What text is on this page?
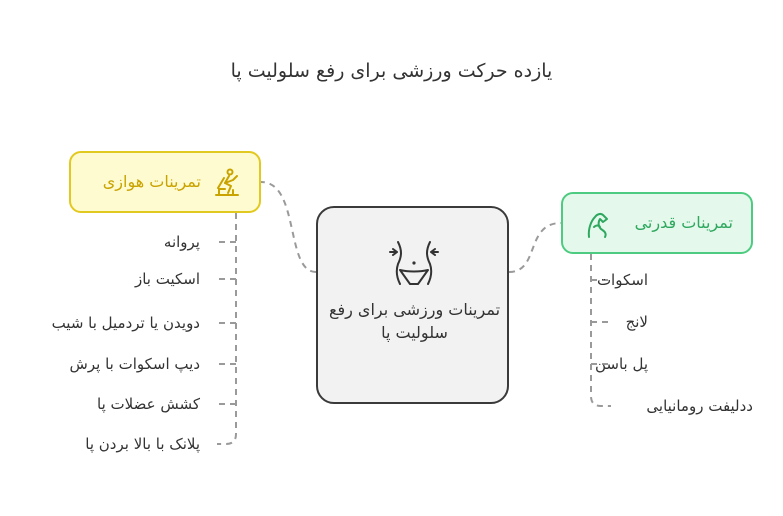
یازده حرکت ورزشی برای رفع سلولیت پا
تمرینات ورزشی برای رفع سلولیت پا
تمرینات هوازی
تمرینات قدرتی
پروانه
اسکیت باز
دویدن یا تردمیل با شیب
دیپ اسکوات با پرش
کشش عضلات پا
پلانک با بالا بردن پا
اسکوات
لانج
پل باسن
ددلیفت رومانیایی
